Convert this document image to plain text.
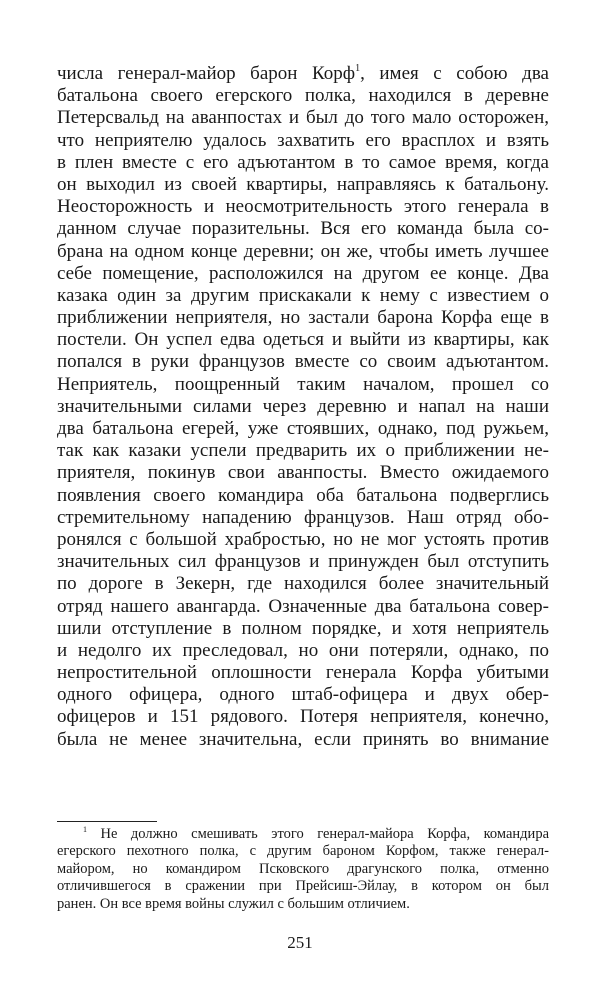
числа генерал-майор барон Корф$^1$, имея с собою два
батальона своего егерского полка, находился в деревне
Петерсвальд на аванпостах и был до того мало осторожен,
что неприятелю удалось захватить его врасплох и взять
в плен вместе с его адъютантом в то самое время, когда
он выходил из своей квартиры, направляясь к батальону.
Неосторожность и неосмотрительность этого генерала в
данном случае поразительны. Вся его команда была со-
брана на одном конце деревни; он же, чтобы иметь лучшее
себе помещение, расположился на другом ее конце. Два
казака один за другим прискакали к нему с известием о
приближении неприятеля, но застали барона Корфа еще в
постели. Он успел едва одеться и выйти из квартиры, как
попался в руки французов вместе со своим адъютантом.
Неприятель, поощренный таким началом, прошел со
значительными силами через деревню и напал на наши
два батальона егерей, уже стоявших, однако, под ружьем,
так как казаки успели предварить их о приближении не-
приятеля, покинув свои аванпосты. Вместо ожидаемого
появления своего командира оба батальона подверглись
стремительному нападению французов. Наш отряд обо-
ронялся с большой храбростью, но не мог устоять против
значительных сил французов и принужден был отступить
по дороге в Зекерн, где находился более значительный
отряд нашего авангарда. Означенные два батальона совер-
шили отступление в полном порядке, и хотя неприятель
и недолго их преследовал, но они потеряли, однако, по
непростительной оплошности генерала Корфа убитыми
одного офицера, одного штаб-офицера и двух обер-
офицеров и 151 рядового. Потеря неприятеля, конечно,
была не менее значительна, если принять во внимание
$^1$ Не должно смешивать этого генерал-майора Корфа, командира
егерского пехотного полка, с другим бароном Корфом, также генерал-
майором, но командиром Псковского драгунского полка, отменно
отличившегося в сражении при Прейсиш-Эйлау, в котором он был
ранен. Он все время войны служил с большим отличием.
251
